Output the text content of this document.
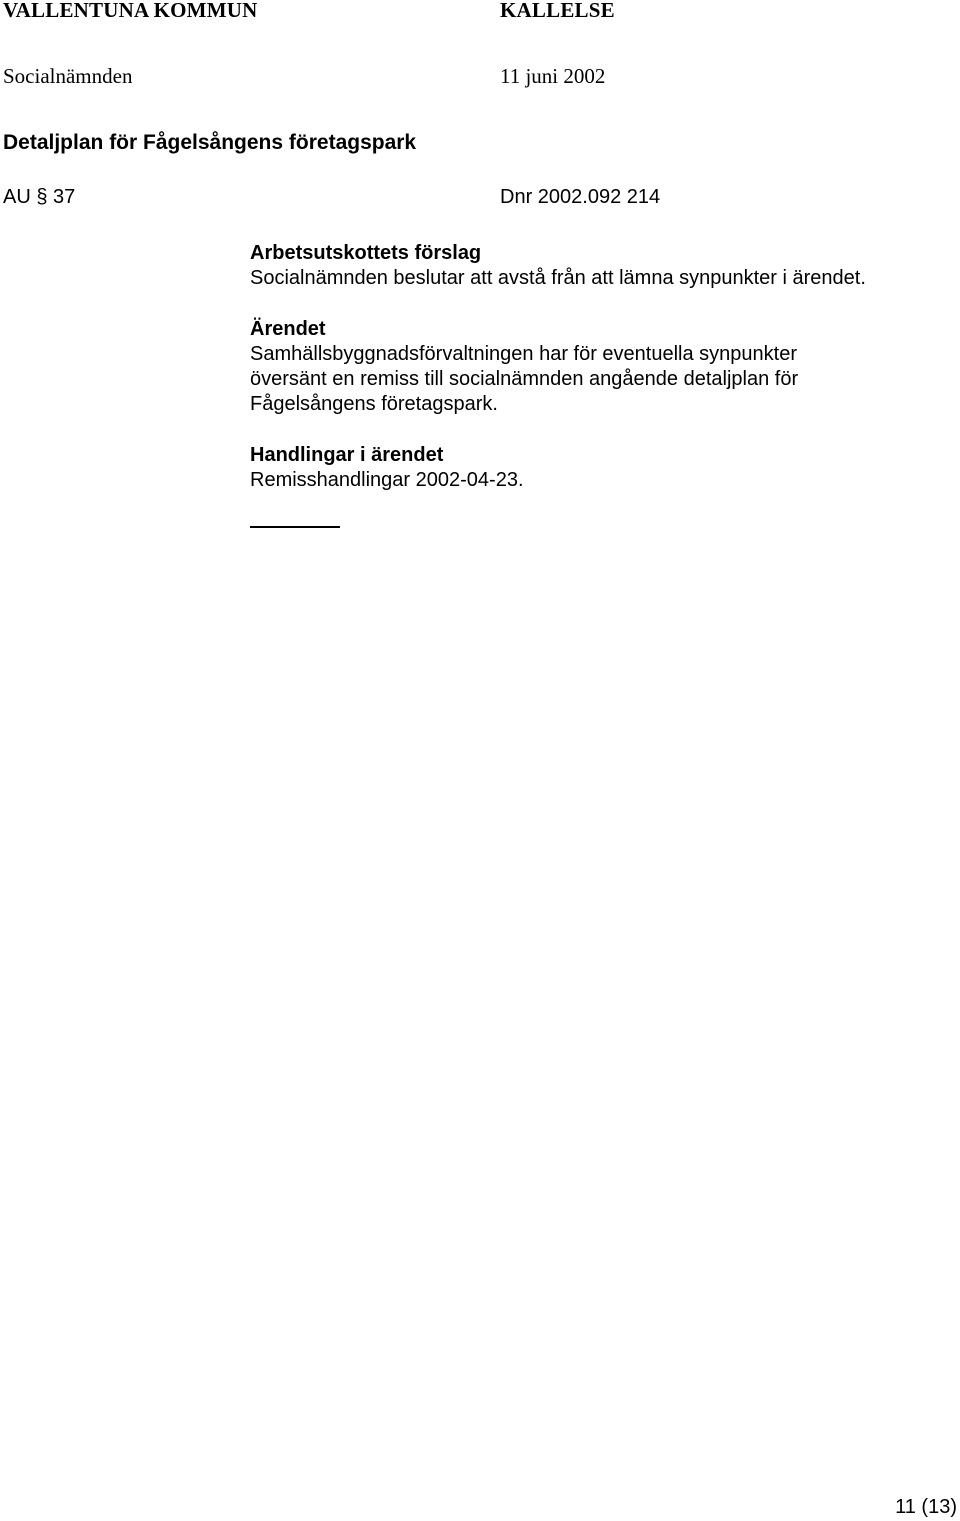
VALLENTUNA KOMMUN	KALLELSE
Socialnämnden	11 juni 2002
Detaljplan för Fågelsångens företagspark
AU § 37	Dnr 2002.092 214

Arbetsutskottets förslag

Socialnämnden beslutar att avstå från att lämna synpunkter i ärendet.

Ärendet

Samhällsbyggnadsförvaltningen har för eventuella synpunkter

översänt en remiss till socialnämnden angående detaljplan för

Fågelsångens företagspark.

Handlingar i ärendet

Remisshandlingar 2002-04-23.

11 (13)
